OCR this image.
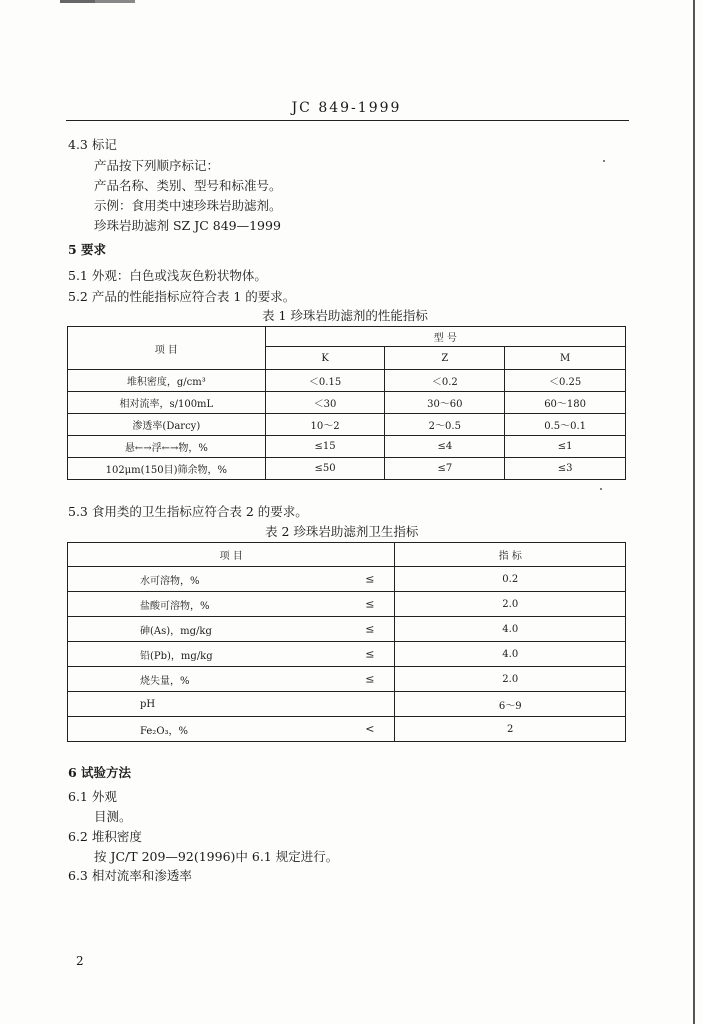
JC 849-1999
4.3 标记
产品按下列顺序标记：
产品名称、类别、型号和标准号。
示例：食用类中速珍珠岩助滤剂。
珍珠岩助滤剂 SZ JC 849—1999
5 要求
5.1 外观：白色或浅灰色粉状物体。
5.2 产品的性能指标应符合表 1 的要求。
表 1 珍珠岩助滤剂的性能指标
项 目	型 号		
	K	Z	M
堆积密度，g/cm³	＜0.15	＜0.2	＜0.25
相对流率，s/100mL	＜30	30～60	60～180
渗透率(Darcy)	10～2	2～0.5	0.5～0.1
悬←→浮←→物，%	≤15	≤4	≤1
102μm(150目)筛余物，%	≤50	≤7	≤3
5.3 食用类的卫生指标应符合表 2 的要求。
表 2 珍珠岩助滤剂卫生指标
项 目	指 标
水可溶物，% ≤	0.2
盐酸可溶物，% ≤	2.0
砷(As)，mg/kg ≤	4.0
铅(Pb)，mg/kg ≤	4.0
烧失量，% ≤	2.0
pH	6～9
Fe₂O₃，% <	2
6 试验方法
6.1 外观
目测。
6.2 堆积密度
按 JC/T 209—92(1996)中 6.1 规定进行。
6.3 相对流率和渗透率
2
